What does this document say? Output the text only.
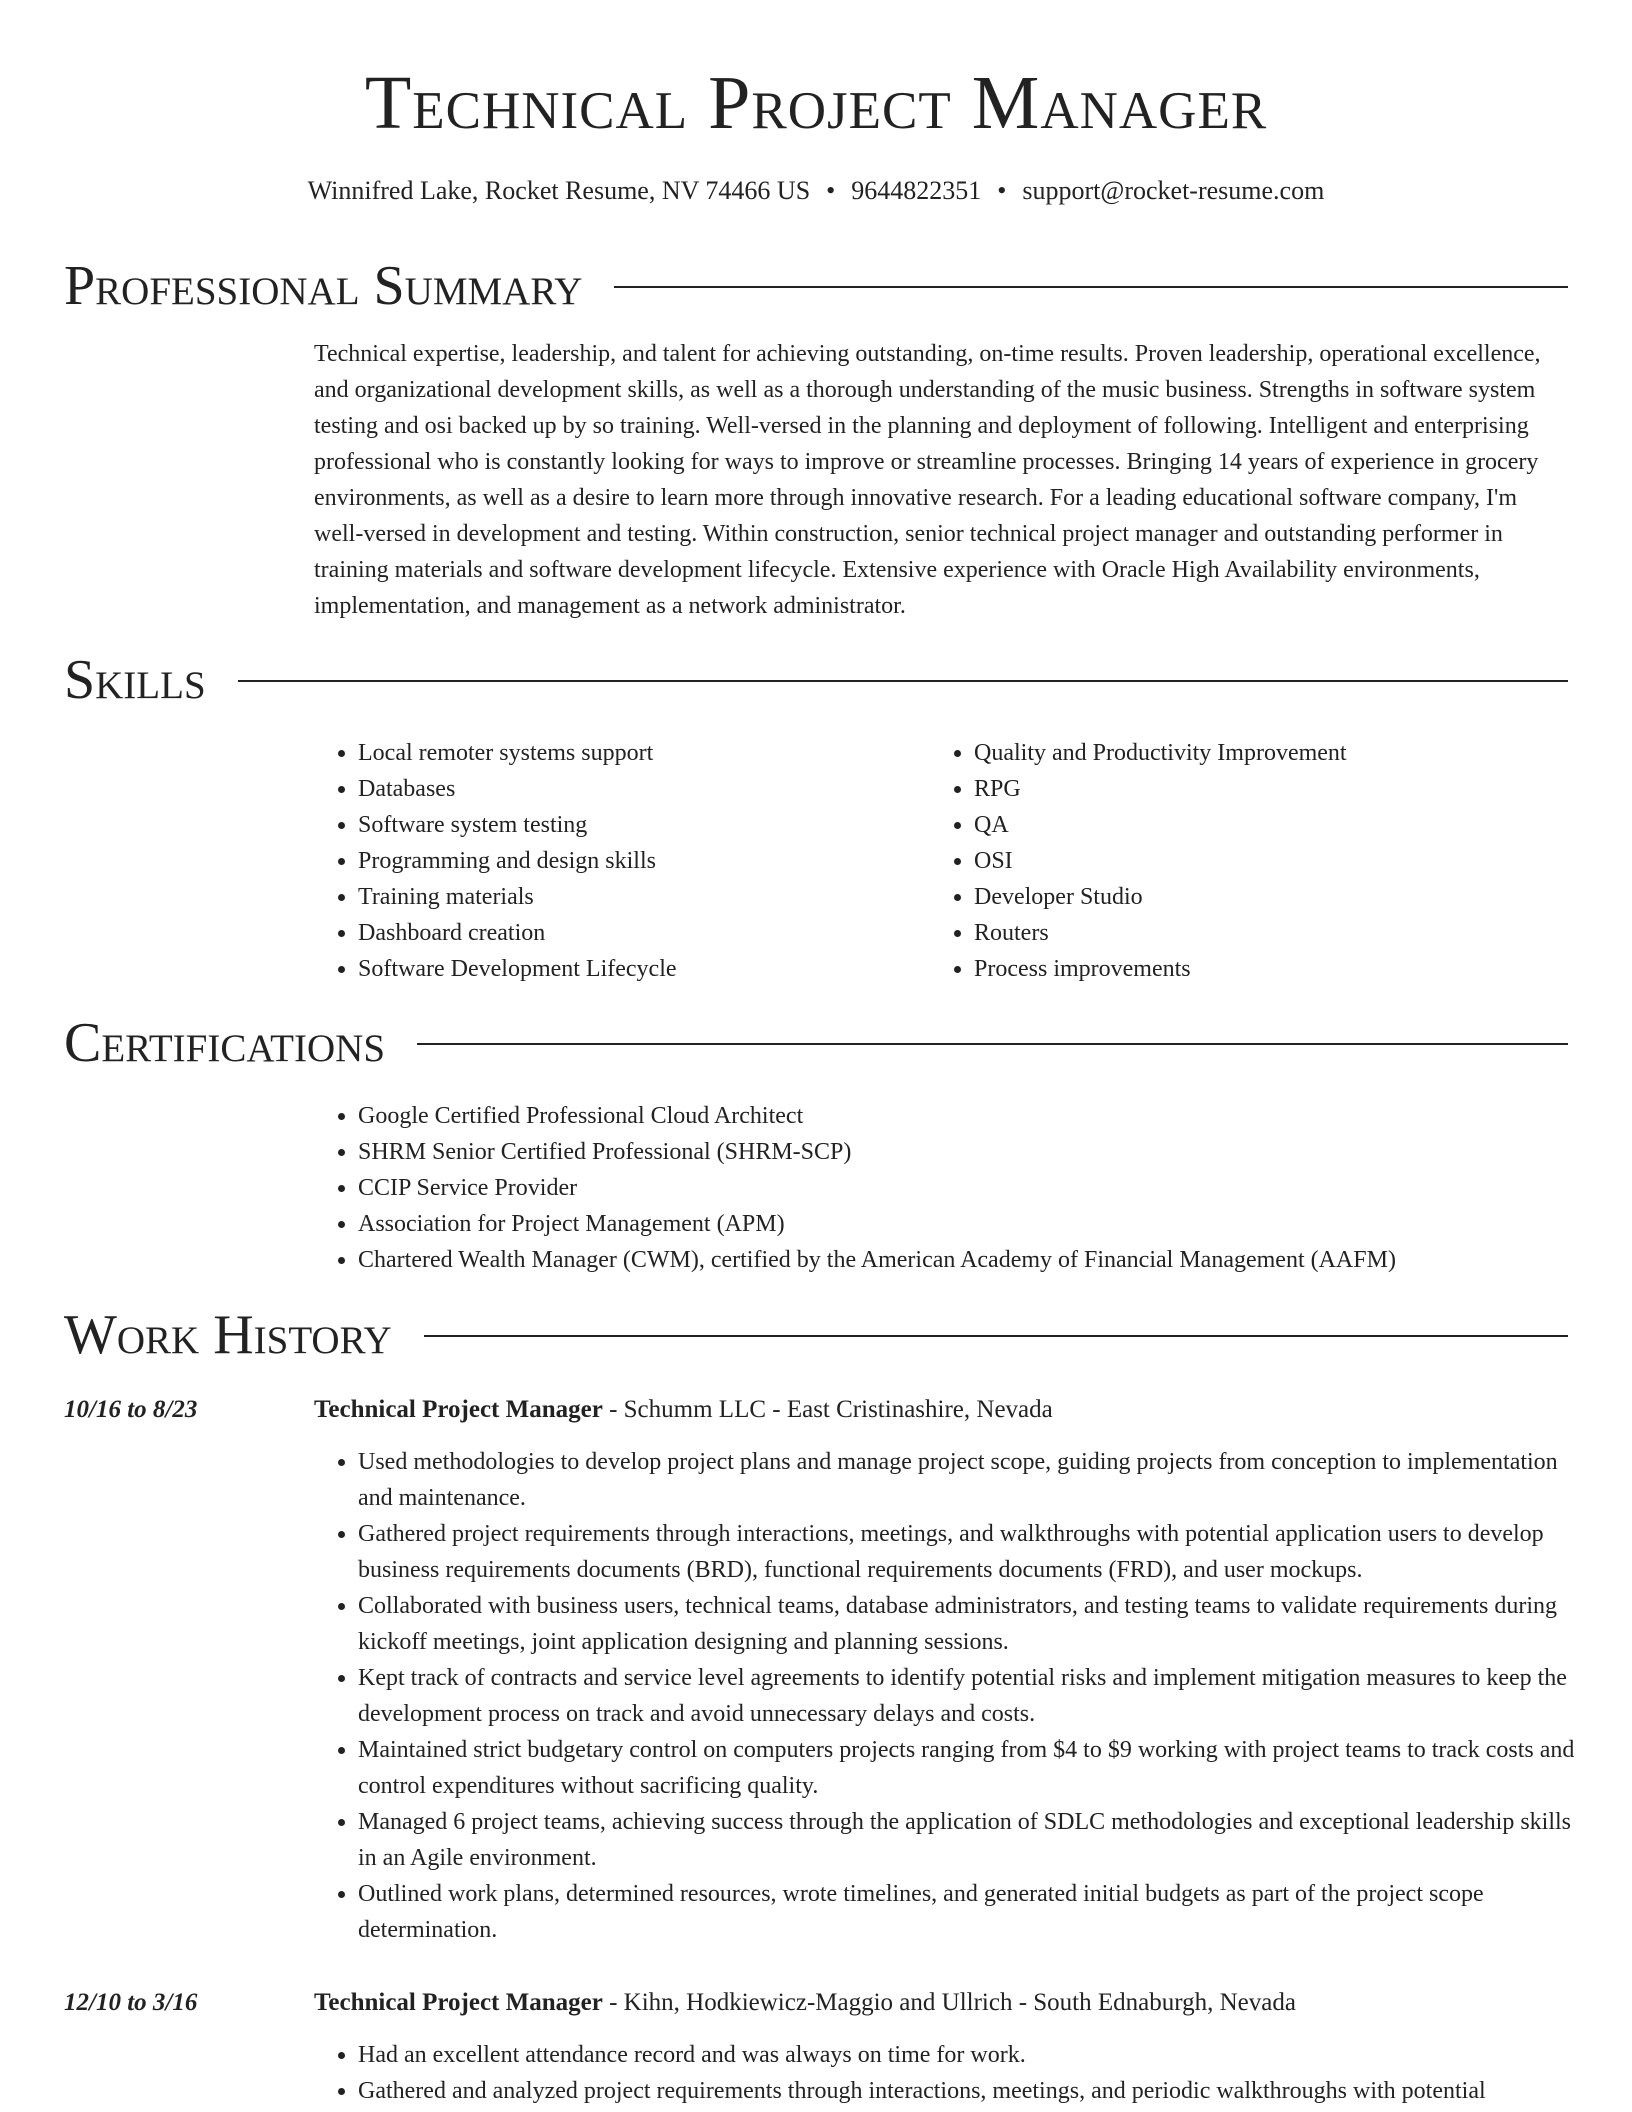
Technical Project Manager
Winnifred Lake, Rocket Resume, NV 74466 US • 9644822351 • support@rocket-resume.com
Professional Summary

Technical expertise, leadership, and talent for achieving outstanding, on-time results. Proven leadership, operational excellence, and organizational development skills, as well as a thorough understanding of the music business. Strengths in software system testing and osi backed up by so training. Well-versed in the planning and deployment of following. Intelligent and enterprising professional who is constantly looking for ways to improve or streamline processes. Bringing 14 years of experience in grocery environments, as well as a desire to learn more through innovative research. For a leading educational software company, I'm well-versed in development and testing. Within construction, senior technical project manager and outstanding performer in training materials and software development lifecycle. Extensive experience with Oracle High Availability environments, implementation, and management as a network administrator.

Skills
• Local remoter systems support
• Databases
• Software system testing
• Programming and design skills
• Training materials
• Dashboard creation
• Software Development Lifecycle
• Quality and Productivity Improvement
• RPG
• QA
• OSI
• Developer Studio
• Routers
• Process improvements
Certifications
• Google Certified Professional Cloud Architect
• SHRM Senior Certified Professional (SHRM-SCP)
• CCIP Service Provider
• Association for Project Management (APM)
• Chartered Wealth Manager (CWM), certified by the American Academy of Financial Management (AAFM)
Work History
10/16 to 8/23	Technical Project Manager - Schumm LLC - East Cristinashire, Nevada
• Used methodologies to develop project plans and manage project scope, guiding projects from conception to implementation and maintenance.
• Gathered project requirements through interactions, meetings, and walkthroughs with potential application users to develop business requirements documents (BRD), functional requirements documents (FRD), and user mockups.
• Collaborated with business users, technical teams, database administrators, and testing teams to validate requirements during kickoff meetings, joint application designing and planning sessions.
• Kept track of contracts and service level agreements to identify potential risks and implement mitigation measures to keep the development process on track and avoid unnecessary delays and costs.
• Maintained strict budgetary control on computers projects ranging from $4 to $9 working with project teams to track costs and control expenditures without sacrificing quality.
• Managed 6 project teams, achieving success through the application of SDLC methodologies and exceptional leadership skills in an Agile environment.
• Outlined work plans, determined resources, wrote timelines, and generated initial budgets as part of the project scope determination.
12/10 to 3/16	Technical Project Manager - Kihn, Hodkiewicz-Maggio and Ullrich - South Ednaburgh, Nevada
• Had an excellent attendance record and was always on time for work.
• Gathered and analyzed project requirements through interactions, meetings, and periodic walkthroughs with potential
